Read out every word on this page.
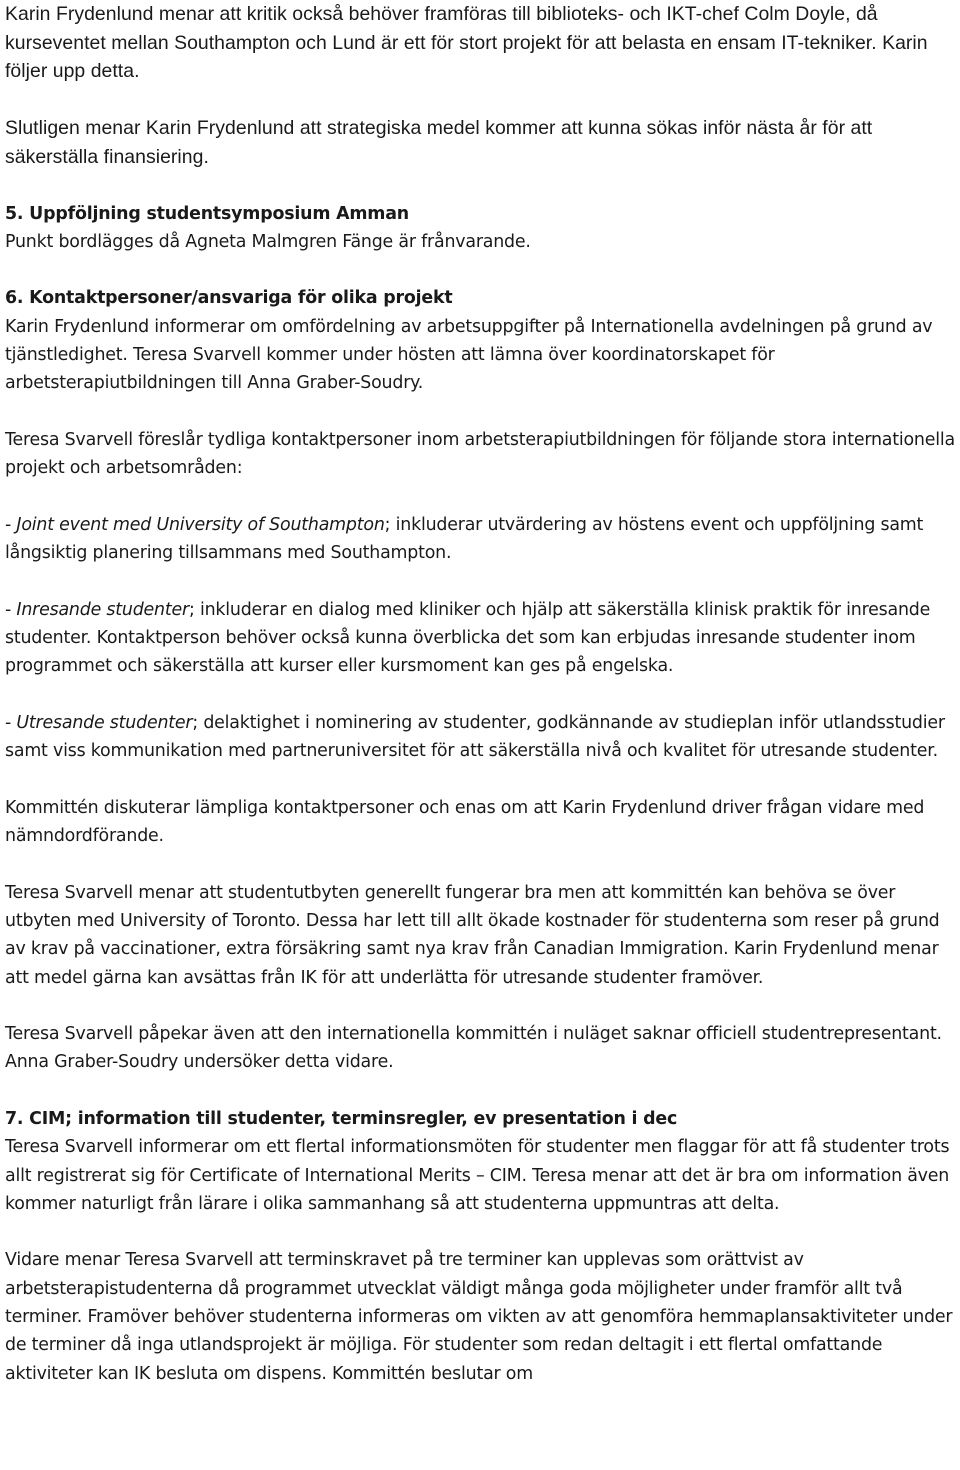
Karin Frydenlund menar att kritik också behöver framföras till biblioteks- och IKT-chef Colm Doyle, då kurseventet mellan Southampton och Lund är ett för stort projekt för att belasta en ensam IT-tekniker. Karin följer upp detta.

Slutligen menar Karin Frydenlund att strategiska medel kommer att kunna sökas inför nästa år för att säkerställa finansiering.

5. Uppföljning studentsymposium Amman

Punkt bordlägges då Agneta Malmgren Fänge är frånvarande.

6. Kontaktpersoner/ansvariga för olika projekt

Karin Frydenlund informerar om omfördelning av arbetsuppgifter på Internationella avdelningen på grund av tjänstledighet. Teresa Svarvell kommer under hösten att lämna över koordinatorskapet för arbetsterapiutbildningen till Anna Graber-Soudry.

Teresa Svarvell föreslår tydliga kontaktpersoner inom arbetsterapiutbildningen för följande stora internationella projekt och arbetsområden:

- Joint event med University of Southampton; inkluderar utvärdering av höstens event och uppföljning samt långsiktig planering tillsammans med Southampton.

- Inresande studenter; inkluderar en dialog med kliniker och hjälp att säkerställa klinisk praktik för inresande studenter. Kontaktperson behöver också kunna överblicka det som kan erbjudas inresande studenter inom programmet och säkerställa att kurser eller kursmoment kan ges på engelska.

- Utresande studenter; delaktighet i nominering av studenter, godkännande av studieplan inför utlandsstudier samt viss kommunikation med partneruniversitet för att säkerställa nivå och kvalitet för utresande studenter.

Kommittén diskuterar lämpliga kontaktpersoner och enas om att Karin Frydenlund driver frågan vidare med nämndordförande.

Teresa Svarvell menar att studentutbyten generellt fungerar bra men att kommittén kan behöva se över utbyten med University of Toronto. Dessa har lett till allt ökade kostnader för studenterna som reser på grund av krav på vaccinationer, extra försäkring samt nya krav från Canadian Immigration. Karin Frydenlund menar att medel gärna kan avsättas från IK för att underlätta för utresande studenter framöver.

Teresa Svarvell påpekar även att den internationella kommittén i nuläget saknar officiell studentrepresentant. Anna Graber-Soudry undersöker detta vidare.

7. CIM; information till studenter, terminsregler, ev presentation i dec

Teresa Svarvell informerar om ett flertal informationsmöten för studenter men flaggar för att få studenter trots allt registrerat sig för Certificate of International Merits – CIM. Teresa menar att det är bra om information även kommer naturligt från lärare i olika sammanhang så att studenterna uppmuntras att delta.

Vidare menar Teresa Svarvell att terminskravet på tre terminer kan upplevas som orättvist av arbetsterapistudenterna då programmet utvecklat väldigt många goda möjligheter under framför allt två terminer. Framöver behöver studenterna informeras om vikten av att genomföra hemmaplansaktiviteter under de terminer då inga utlandsprojekt är möjliga. För studenter som redan deltagit i ett flertal omfattande aktiviteter kan IK besluta om dispens. Kommittén beslutar om
